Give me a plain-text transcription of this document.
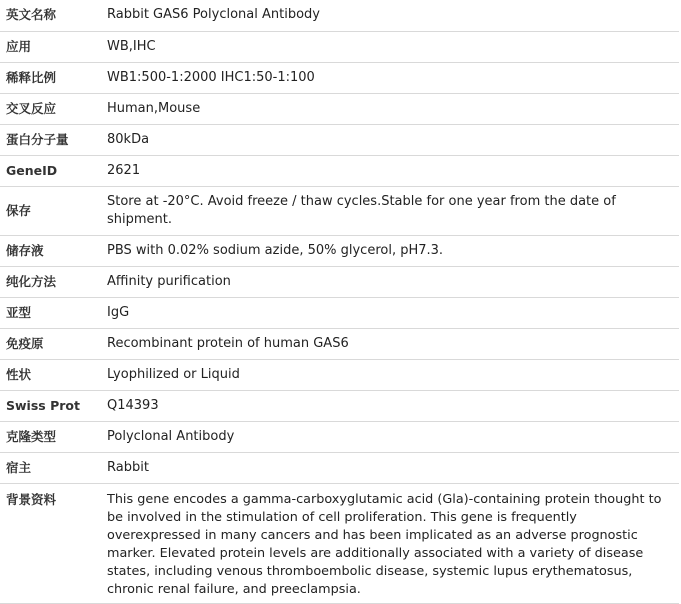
英文名称	Rabbit GAS6 Polyclonal Antibody
应用	WB,IHC
稀释比例	WB1:500-1:2000 IHC1:50-1:100
交叉反应	Human,Mouse
蛋白分子量	80kDa
GeneID	2621
保存	Store at -20°C. Avoid freeze / thaw cycles.Stable for one year from the date of shipment.
储存液	PBS with 0.02% sodium azide, 50% glycerol, pH7.3.
纯化方法	Affinity purification
亚型	IgG
免疫原	Recombinant protein of human GAS6
性状	Lyophilized or Liquid
Swiss Prot	Q14393
克隆类型	Polyclonal Antibody
宿主	Rabbit
背景资料	This gene encodes a gamma-carboxyglutamic acid (Gla)-containing protein thought to be involved in the stimulation of cell proliferation. This gene is frequently overexpressed in many cancers and has been implicated as an adverse prognostic marker. Elevated protein levels are additionally associated with a variety of disease states, including venous thromboembolic disease, systemic lupus erythematosus, chronic renal failure, and preeclampsia.
